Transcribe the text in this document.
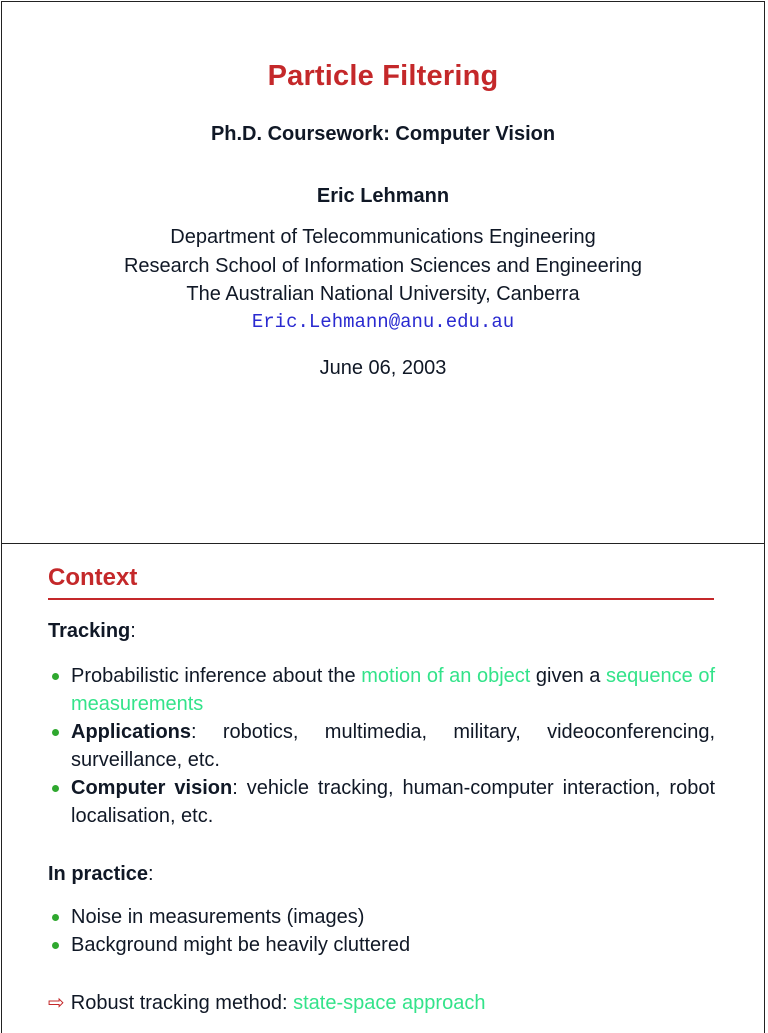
Particle Filtering
Ph.D. Coursework: Computer Vision
Eric Lehmann
Department of Telecommunications Engineering
Research School of Information Sciences and Engineering
The Australian National University, Canberra
Eric.Lehmann@anu.edu.au
June 06, 2003
Context
Tracking:
Probabilistic inference about the motion of an object given a sequence of measurements
Applications: robotics, multimedia, military, videoconferencing, surveillance, etc.
Computer vision: vehicle tracking, human-computer interaction, robot localisation, etc.
In practice:
Noise in measurements (images)
Background might be heavily cluttered
⇨ Robust tracking method: state-space approach
